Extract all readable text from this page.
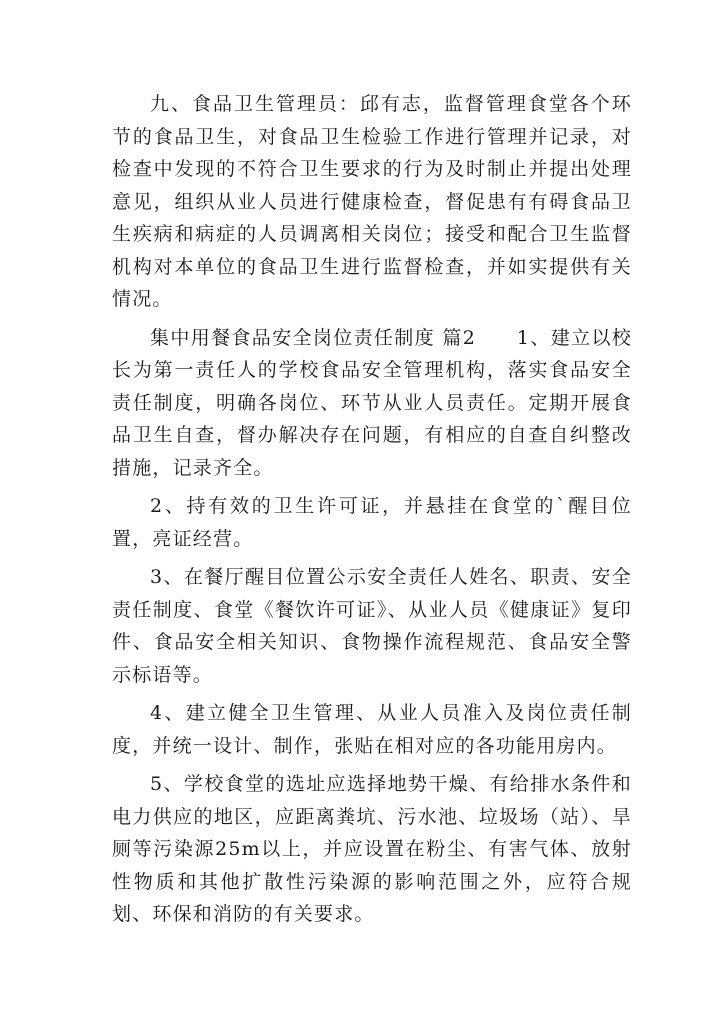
九、食品卫生管理员：邱有志，监督管理食堂各个环节的食品卫生，对食品卫生检验工作进行管理并记录，对检查中发现的不符合卫生要求的行为及时制止并提出处理意见，组织从业人员进行健康检查，督促患有有碍食品卫生疾病和病症的人员调离相关岗位；接受和配合卫生监督机构对本单位的食品卫生进行监督检查，并如实提供有关情况。

集中用餐食品安全岗位责任制度 篇2　　1、建立以校长为第一责任人的学校食品安全管理机构，落实食品安全责任制度，明确各岗位、环节从业人员责任。定期开展食品卫生自查，督办解决存在问题，有相应的自查自纠整改措施，记录齐全。

2、持有效的卫生许可证，并悬挂在食堂的`醒目位置，亮证经营。

3、在餐厅醒目位置公示安全责任人姓名、职责、安全责任制度、食堂《餐饮许可证》、从业人员《健康证》复印件、食品安全相关知识、食物操作流程规范、食品安全警示标语等。

4、建立健全卫生管理、从业人员准入及岗位责任制度，并统一设计、制作，张贴在相对应的各功能用房内。

5、学校食堂的选址应选择地势干燥、有给排水条件和电力供应的地区，应距离粪坑、污水池、垃圾场（站）、旱厕等污染源25m以上，并应设置在粉尘、有害气体、放射性物质和其他扩散性污染源的影响范围之外，应符合规划、环保和消防的有关要求。
